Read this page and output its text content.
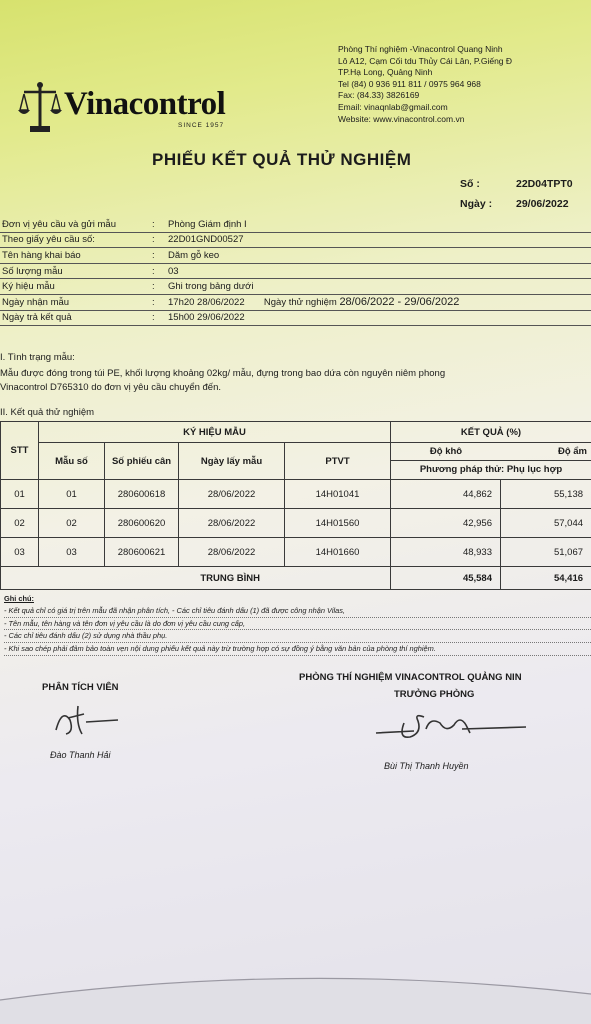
Phòng Thí nghiệm -Vinacontrol Quang Ninh
Lô A12, Cạm Cối tdu Thủy Cái Lân, P.Giếng Đ
TP.Hạ Long, Quảng Ninh
Tel (84) 0 936 911 811 / 0975 964 968
Fax: (84.33) 3826169
Email: vinaqnlab@gmail.com
Website: www.vinacontrol.com.vn
Vinacontrol
SINCE 1957
PHIẾU KẾT QUẢ THỬ NGHIỆM
Số :	22D04TPT0
Ngày : 29/06/2022
Đơn vị yêu cầu và gửi mẫu	:	Phòng Giám định I
Theo giấy yêu cầu số:	:	22D01GND00527
Tên hàng khai báo	:	Dăm gỗ keo
Số lượng mẫu	:	03
Ký hiệu mẫu	:	Ghi trong bảng dưới
Ngày nhận mẫu	:	17h20 28/06/2022 Ngày thử nghiệm 28/06/2022 - 29/06/2022
Ngày trả kết quả	:	15h00 29/06/2022
I. Tình trạng mẫu:
Mẫu được đóng trong túi PE, khối lượng khoảng 02kg/ mẫu, đựng trong bao dứa còn nguyên niêm phong
Vinacontrol D765310 do đơn vị yêu cầu chuyển đến.
II. Kết quả thử nghiệm
STT	KÝ HIỆU MẪU				KẾT QUẢ (%)	
	Mẫu số	Số phiếu cân	Ngày lấy mẫu	PTVT	Độ khô Độ ẩm
Phương pháp thử: Phụ lục hợp	

01	01	280600618	28/06/2022	14H01041	44,862	55,138
02	02	280600620	28/06/2022	14H01560	42,956	57,044
03	03	280600621	28/06/2022	14H01660	48,933	51,067
TRUNG BÌNH					45,584	54,416
Ghi chú:
- Kết quả chỉ có giá trị trên mẫu đã nhận phân tích, - Các chỉ tiêu đánh dấu (1) đã được công nhận Vilas,
- Tên mẫu, tên hàng và tên đơn vị yêu cầu là do đơn vị yêu cầu cung cấp,
- Các chỉ tiêu đánh dấu (2) sử dụng nhà thầu phụ.
- Khi sao chép phải đảm bảo toàn vẹn nội dung phiếu kết quả này trừ trường hợp có sự đồng ý bằng văn bản của phòng thí nghiệm.
PHÂN TÍCH VIÊN
Đào Thanh Hải
PHÒNG THÍ NGHIỆM VINACONTROL QUẢNG NIN
TRƯỞNG PHÒNG
Bùi Thị Thanh Huyền
